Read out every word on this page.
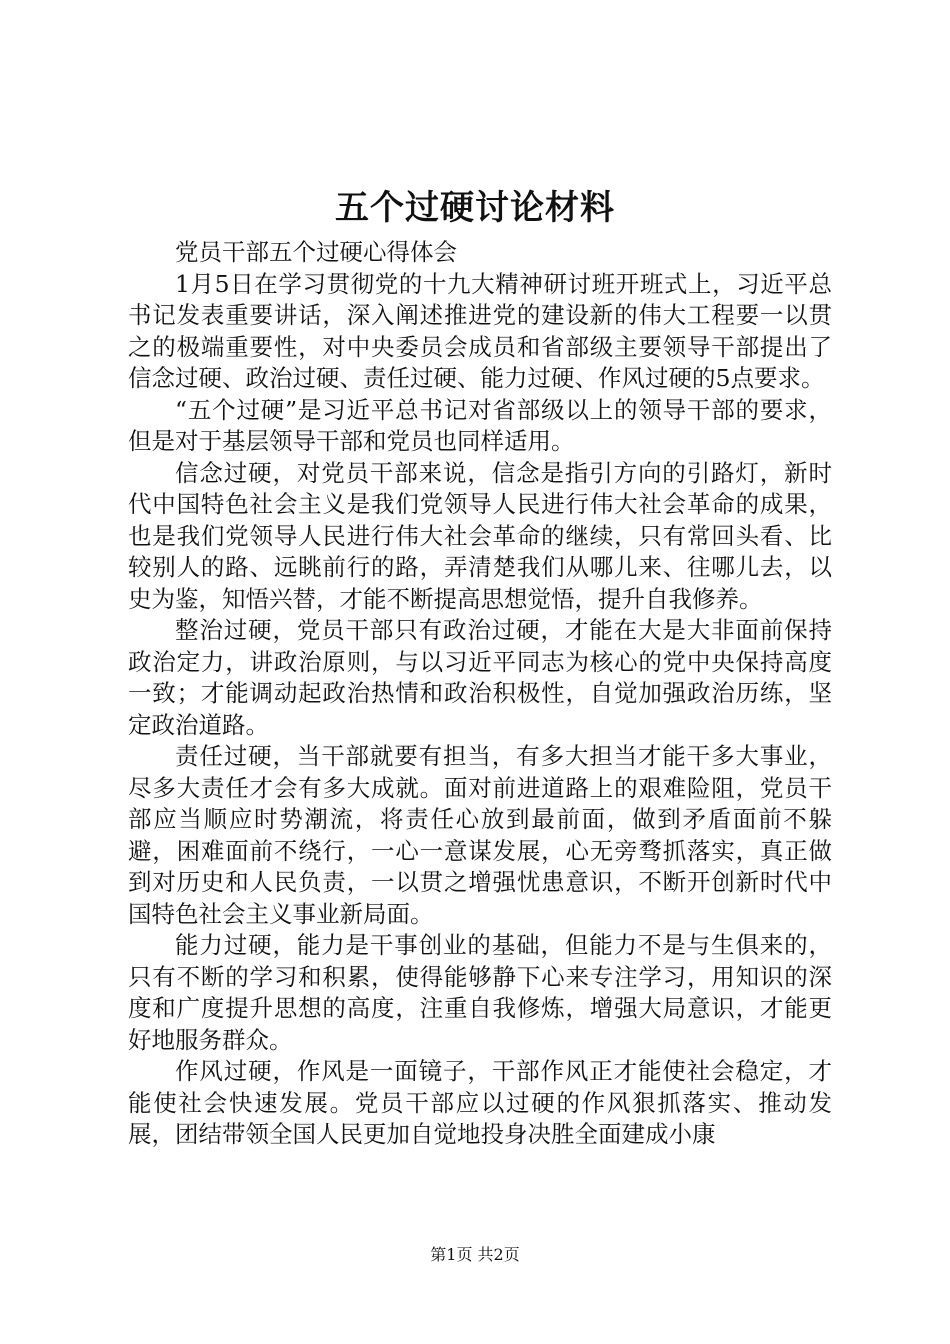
五个过硬讨论材料

党员干部五个过硬心得体会

1月5日在学习贯彻党的十九大精神研讨班开班式上，习近平总书记发表重要讲话，深入阐述推进党的建设新的伟大工程要一以贯之的极端重要性，对中央委员会成员和省部级主要领导干部提出了信念过硬、政治过硬、责任过硬、能力过硬、作风过硬的5点要求。

“五个过硬”是习近平总书记对省部级以上的领导干部的要求，但是对于基层领导干部和党员也同样适用。

信念过硬，对党员干部来说，信念是指引方向的引路灯，新时代中国特色社会主义是我们党领导人民进行伟大社会革命的成果，也是我们党领导人民进行伟大社会革命的继续，只有常回头看、比较别人的路、远眺前行的路，弄清楚我们从哪儿来、往哪儿去，以史为鉴，知悟兴替，才能不断提高思想觉悟，提升自我修养。

整治过硬，党员干部只有政治过硬，才能在大是大非面前保持政治定力，讲政治原则，与以习近平同志为核心的党中央保持高度一致；才能调动起政治热情和政治积极性，自觉加强政治历练，坚定政治道路。

责任过硬，当干部就要有担当，有多大担当才能干多大事业，尽多大责任才会有多大成就。面对前进道路上的艰难险阻，党员干部应当顺应时势潮流，将责任心放到最前面，做到矛盾面前不躲避，困难面前不绕行，一心一意谋发展，心无旁骛抓落实，真正做到对历史和人民负责，一以贯之增强忧患意识，不断开创新时代中国特色社会主义事业新局面。

能力过硬，能力是干事创业的基础，但能力不是与生俱来的，只有不断的学习和积累，使得能够静下心来专注学习，用知识的深度和广度提升思想的高度，注重自我修炼，增强大局意识，才能更好地服务群众。

作风过硬，作风是一面镜子，干部作风正才能使社会稳定，才能使社会快速发展。党员干部应以过硬的作风狠抓落实、推动发展，团结带领全国人民更加自觉地投身决胜全面建成小康

第1页 共2页
